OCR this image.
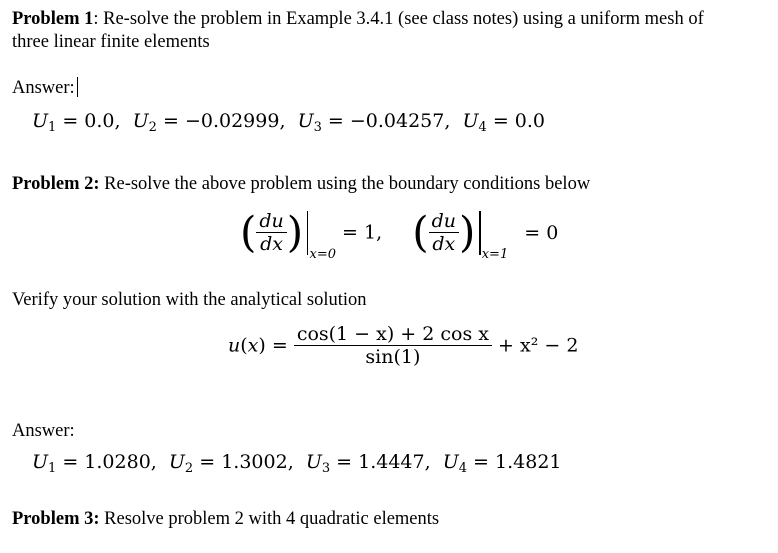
Problem 1: Re-solve the problem in Example 3.4.1 (see class notes) using a uniform mesh of
three linear finite elements
Answer:
$U_1 = 0.0$,  $U_2 = -0.02999$,  $U_3 = -0.04257$,  $U_4 = 0.0$
Problem 2: Re-solve the above problem using the boundary conditions below
( $\frac{du}{dx}$ ) $_{x=0}$ = 1, ( $\frac{du}{dx}$ ) $_{x=1}$ = 0
Verify your solution with the analytical solution
$u(x) = \frac{\text{cos(1 − x) + 2 cos x}}{\sin(1)} + x^2 - 2$
Answer:
$U_1 = 1.0280$,  $U_2 = 1.3002$,  $U_3 = 1.4447$,  $U_4 = 1.4821$
Problem 3: Resolve problem 2 with 4 quadratic elements
